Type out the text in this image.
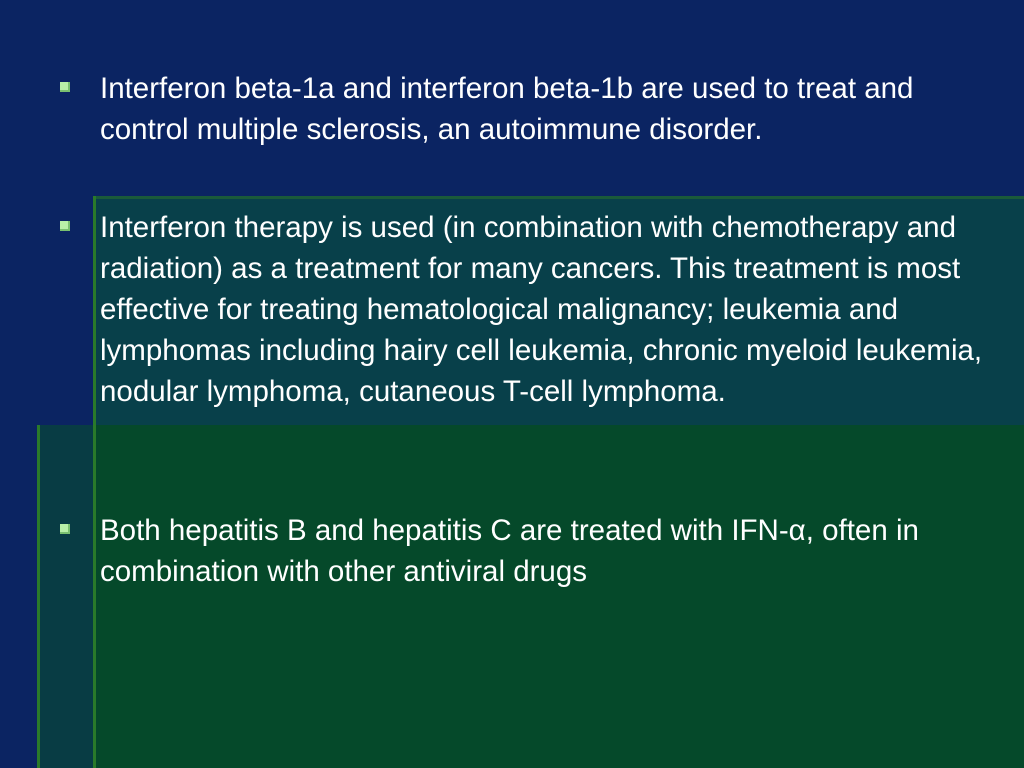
Interferon beta-1a and interferon beta-1b are used to treat and control multiple sclerosis, an autoimmune disorder.
Interferon therapy is used (in combination with chemotherapy and radiation) as a treatment for many cancers. This treatment is most effective for treating hematological malignancy; leukemia and lymphomas including hairy cell leukemia, chronic myeloid leukemia, nodular lymphoma, cutaneous T-cell lymphoma.
Both hepatitis B and hepatitis C are treated with IFN-α, often in combination with other antiviral drugs
